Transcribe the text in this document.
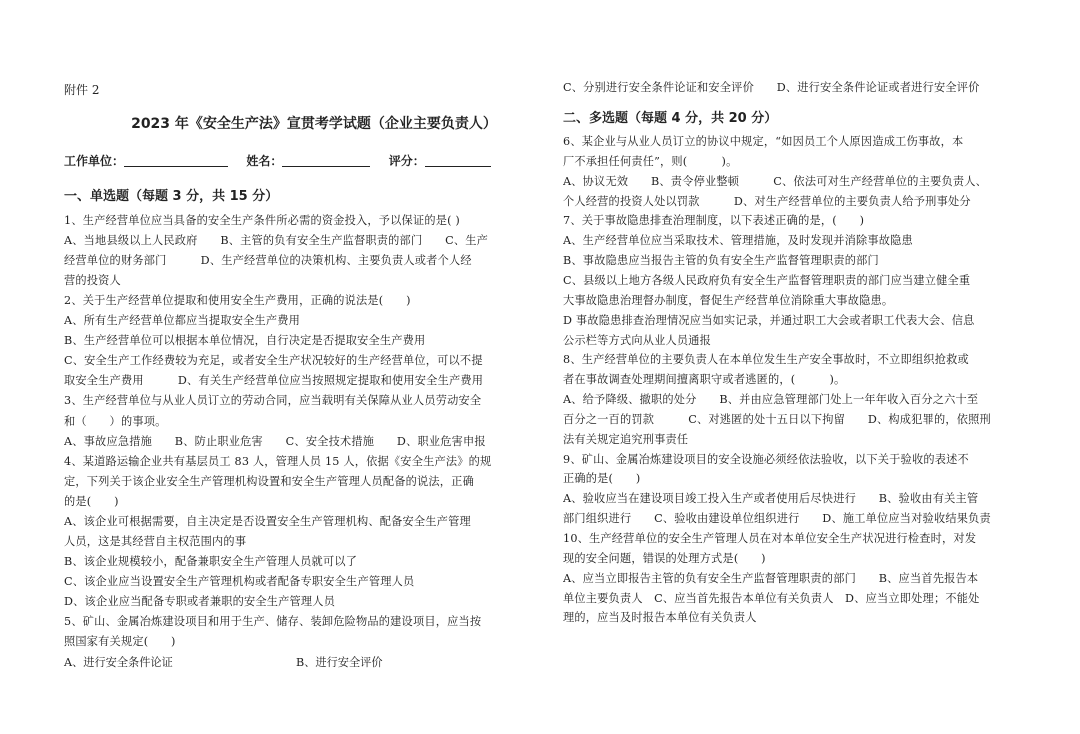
附件 2
2023 年《安全生产法》宣贯考学试题（企业主要负责人）
工作单位：	姓名：	评分：
一、单选题（每题 3 分，共 15 分）
1、生产经营单位应当具备的安全生产条件所必需的资金投入，予以保证的是( )
A、当地县级以上人民政府　　B、主管的负有安全生产监督职责的部门　　C、生产
经营单位的财务部门　　　D、生产经营单位的决策机构、主要负责人或者个人经
营的投资人
2、关于生产经营单位提取和使用安全生产费用，正确的说法是(　　)
A、所有生产经营单位都应当提取安全生产费用
B、生产经营单位可以根据本单位情况，自行决定是否提取安全生产费用
C、安全生产工作经费较为充足，或者安全生产状况较好的生产经营单位，可以不提
取安全生产费用　　　D、有关生产经营单位应当按照规定提取和使用安全生产费用
3、生产经营单位与从业人员订立的劳动合同，应当载明有关保障从业人员劳动安全
和（　　）的事项。
A、事故应急措施　　B、防止职业危害　　C、安全技术措施　　D、职业危害申报
4、某道路运输企业共有基层员工 83 人，管理人员 15 人，依据《安全生产法》的规
定，下列关于该企业安全生产管理机构设置和安全生产管理人员配备的说法，正确
的是(　　)
A、该企业可根据需要，自主决定是否设置安全生产管理机构、配备安全生产管理
人员，这是其经营自主权范围内的事
B、该企业规模较小，配备兼职安全生产管理人员就可以了
C、该企业应当设置安全生产管理机构或者配备专职安全生产管理人员
D、该企业应当配备专职或者兼职的安全生产管理人员
5、矿山、金属冶炼建设项目和用于生产、储存、装卸危险物品的建设项目，应当按
照国家有关规定(　　)
A、进行安全条件论证	B、进行安全评价
C、分别进行安全条件论证和安全评价　　D、进行安全条件论证或者进行安全评价
二、多选题（每题 4 分，共 20 分）
6、某企业与从业人员订立的协议中规定，“如因员工个人原因造成工伤事故，本
厂不承担任何责任”，则(　　　)。
A、协议无效　　B、责令停业整顿　　　C、依法可对生产经营单位的主要负责人、
个人经营的投资人处以罚款　　　D、对生产经营单位的主要负责人给予刑事处分
7、关于事故隐患排查治理制度，以下表述正确的是，(　　)
A、生产经营单位应当采取技术、管理措施，及时发现并消除事故隐患
B、事故隐患应当报告主管的负有安全生产监督管理职责的部门
C、县级以上地方各级人民政府负有安全生产监督管理职责的部门应当建立健全重
大事故隐患治理督办制度，督促生产经营单位消除重大事故隐患。
D 事故隐患排查治理情况应当如实记录，并通过职工大会或者职工代表大会、信息
公示栏等方式向从业人员通报
8、生产经营单位的主要负责人在本单位发生生产安全事故时，不立即组织抢救或
者在事故调查处理期间擅离职守或者逃匿的，(　　　)。
A、给予降级、撤职的处分　　B、并由应急管理部门处上一年年收入百分之六十至
百分之一百的罚款　　　C、对逃匿的处十五日以下拘留　　D、构成犯罪的，依照刑
法有关规定追究刑事责任
9、矿山、金属冶炼建设项目的安全设施必须经依法验收，以下关于验收的表述不
正确的是(　　)
A、验收应当在建设项目竣工投入生产或者使用后尽快进行　　B、验收由有关主管
部门组织进行　　C、验收由建设单位组织进行　　D、施工单位应当对验收结果负责
10、生产经营单位的安全生产管理人员在对本单位安全生产状况进行检查时，对发
现的安全问题，错误的处理方式是(　　)
A、应当立即报告主管的负有安全生产监督管理职责的部门　　B、应当首先报告本
单位主要负责人　C、应当首先报告本单位有关负责人　D、应当立即处理；不能处
理的，应当及时报告本单位有关负责人
